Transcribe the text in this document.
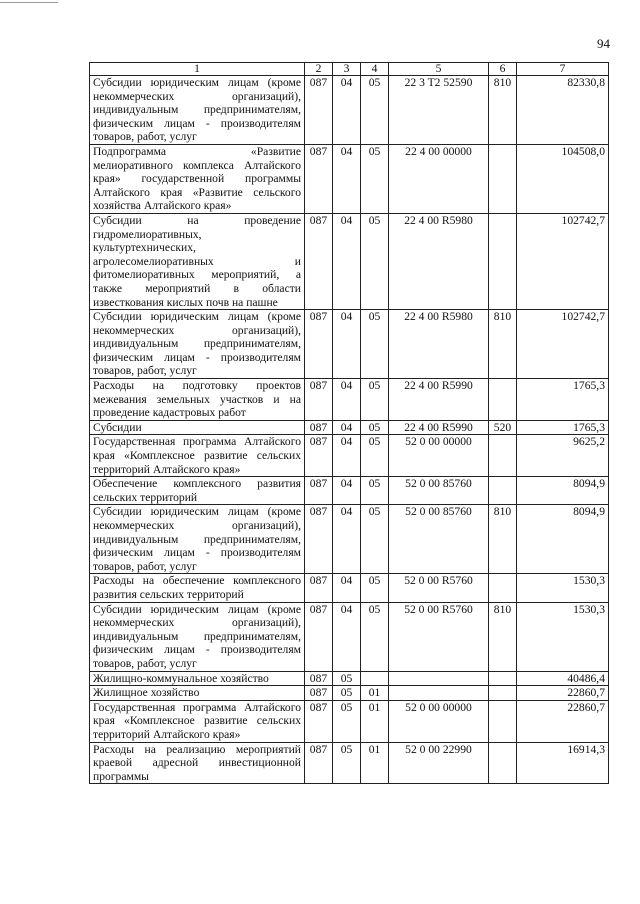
94
1	2	3	4	5	6	7
Субсидии юридическим лицам (кроме некоммерческих организаций), индивидуальным предпринимателям, физическим лицам - производителям товаров, работ, услуг	087	04	05	22 3 T2 52590	810	82330,8
Подпрограмма «Развитие мелиоративного комплекса Алтайского края» государственной программы Алтайского края «Развитие сельского хозяйства Алтайского края»	087	04	05	22 4 00 00000		104508,0
Субсидии на проведение гидромелиоративных, культуртехнических, агролесомелиоративных и фитомелиоративных мероприятий, а также мероприятий в области известкования кислых почв на пашне	087	04	05	22 4 00 R5980		102742,7
Субсидии юридическим лицам (кроме некоммерческих организаций), индивидуальным предпринимателям, физическим лицам - производителям товаров, работ, услуг	087	04	05	22 4 00 R5980	810	102742,7
Расходы на подготовку проектов межевания земельных участков и на проведение кадастровых работ	087	04	05	22 4 00 R5990		1765,3
Субсидии	087	04	05	22 4 00 R5990	520	1765,3
Государственная программа Алтайского края «Комплексное развитие сельских территорий Алтайского края»	087	04	05	52 0 00 00000		9625,2
Обеспечение комплексного развития сельских территорий	087	04	05	52 0 00 85760		8094,9
Субсидии юридическим лицам (кроме некоммерческих организаций), индивидуальным предпринимателям, физическим лицам - производителям товаров, работ, услуг	087	04	05	52 0 00 85760	810	8094,9
Расходы на обеспечение комплексного развития сельских территорий	087	04	05	52 0 00 R5760		1530,3
Субсидии юридическим лицам (кроме некоммерческих организаций), индивидуальным предпринимателям, физическим лицам - производителям товаров, работ, услуг	087	04	05	52 0 00 R5760	810	1530,3
Жилищно-коммунальное хозяйство	087	05				40486,4
Жилищное хозяйство	087	05	01			22860,7
Государственная программа Алтайского края «Комплексное развитие сельских территорий Алтайского края»	087	05	01	52 0 00 00000		22860,7
Расходы на реализацию мероприятий краевой адресной инвестиционной программы	087	05	01	52 0 00 22990		16914,3
